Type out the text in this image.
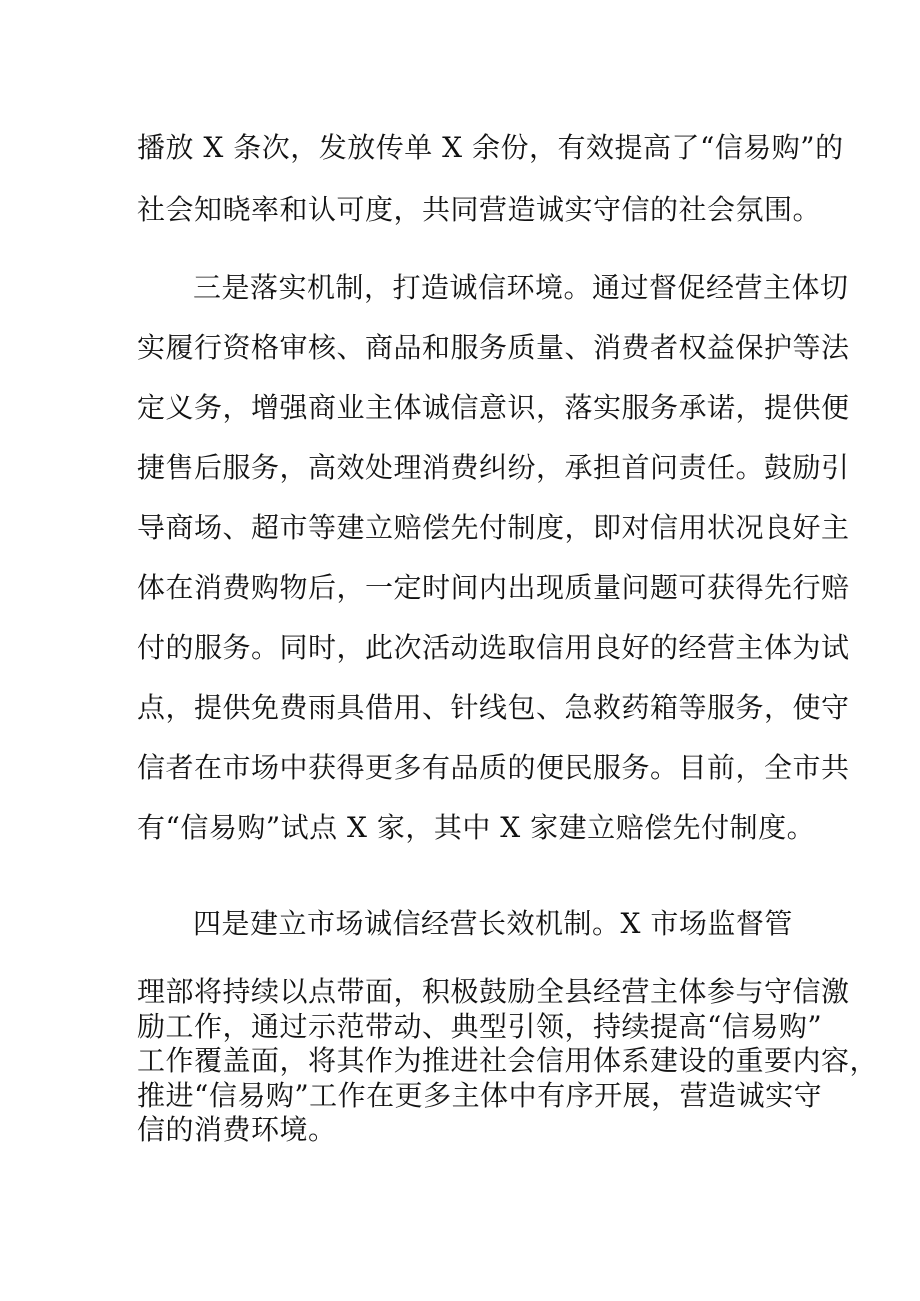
播放 X 条次，发放传单 X 余份，有效提高了“信易购”的
社会知晓率和认可度，共同营造诚实守信的社会氛围。
三是落实机制，打造诚信环境。通过督促经营主体切
实履行资格审核、商品和服务质量、消费者权益保护等法
定义务，增强商业主体诚信意识，落实服务承诺，提供便
捷售后服务，高效处理消费纠纷，承担首问责任。鼓励引
导商场、超市等建立赔偿先付制度，即对信用状况良好主
体在消费购物后，一定时间内出现质量问题可获得先行赔
付的服务。同时，此次活动选取信用良好的经营主体为试
点，提供免费雨具借用、针线包、急救药箱等服务，使守
信者在市场中获得更多有品质的便民服务。目前，全市共
有“信易购”试点 X 家，其中 X 家建立赔偿先付制度。
四是建立市场诚信经营长效机制。X 市场监督管
理部将持续以点带面，积极鼓励全县经营主体参与守信激
励工作，通过示范带动、典型引领，持续提高“信易购”
工作覆盖面，将其作为推进社会信用体系建设的重要内容，
推进“信易购”工作在更多主体中有序开展，营造诚实守
信的消费环境。
